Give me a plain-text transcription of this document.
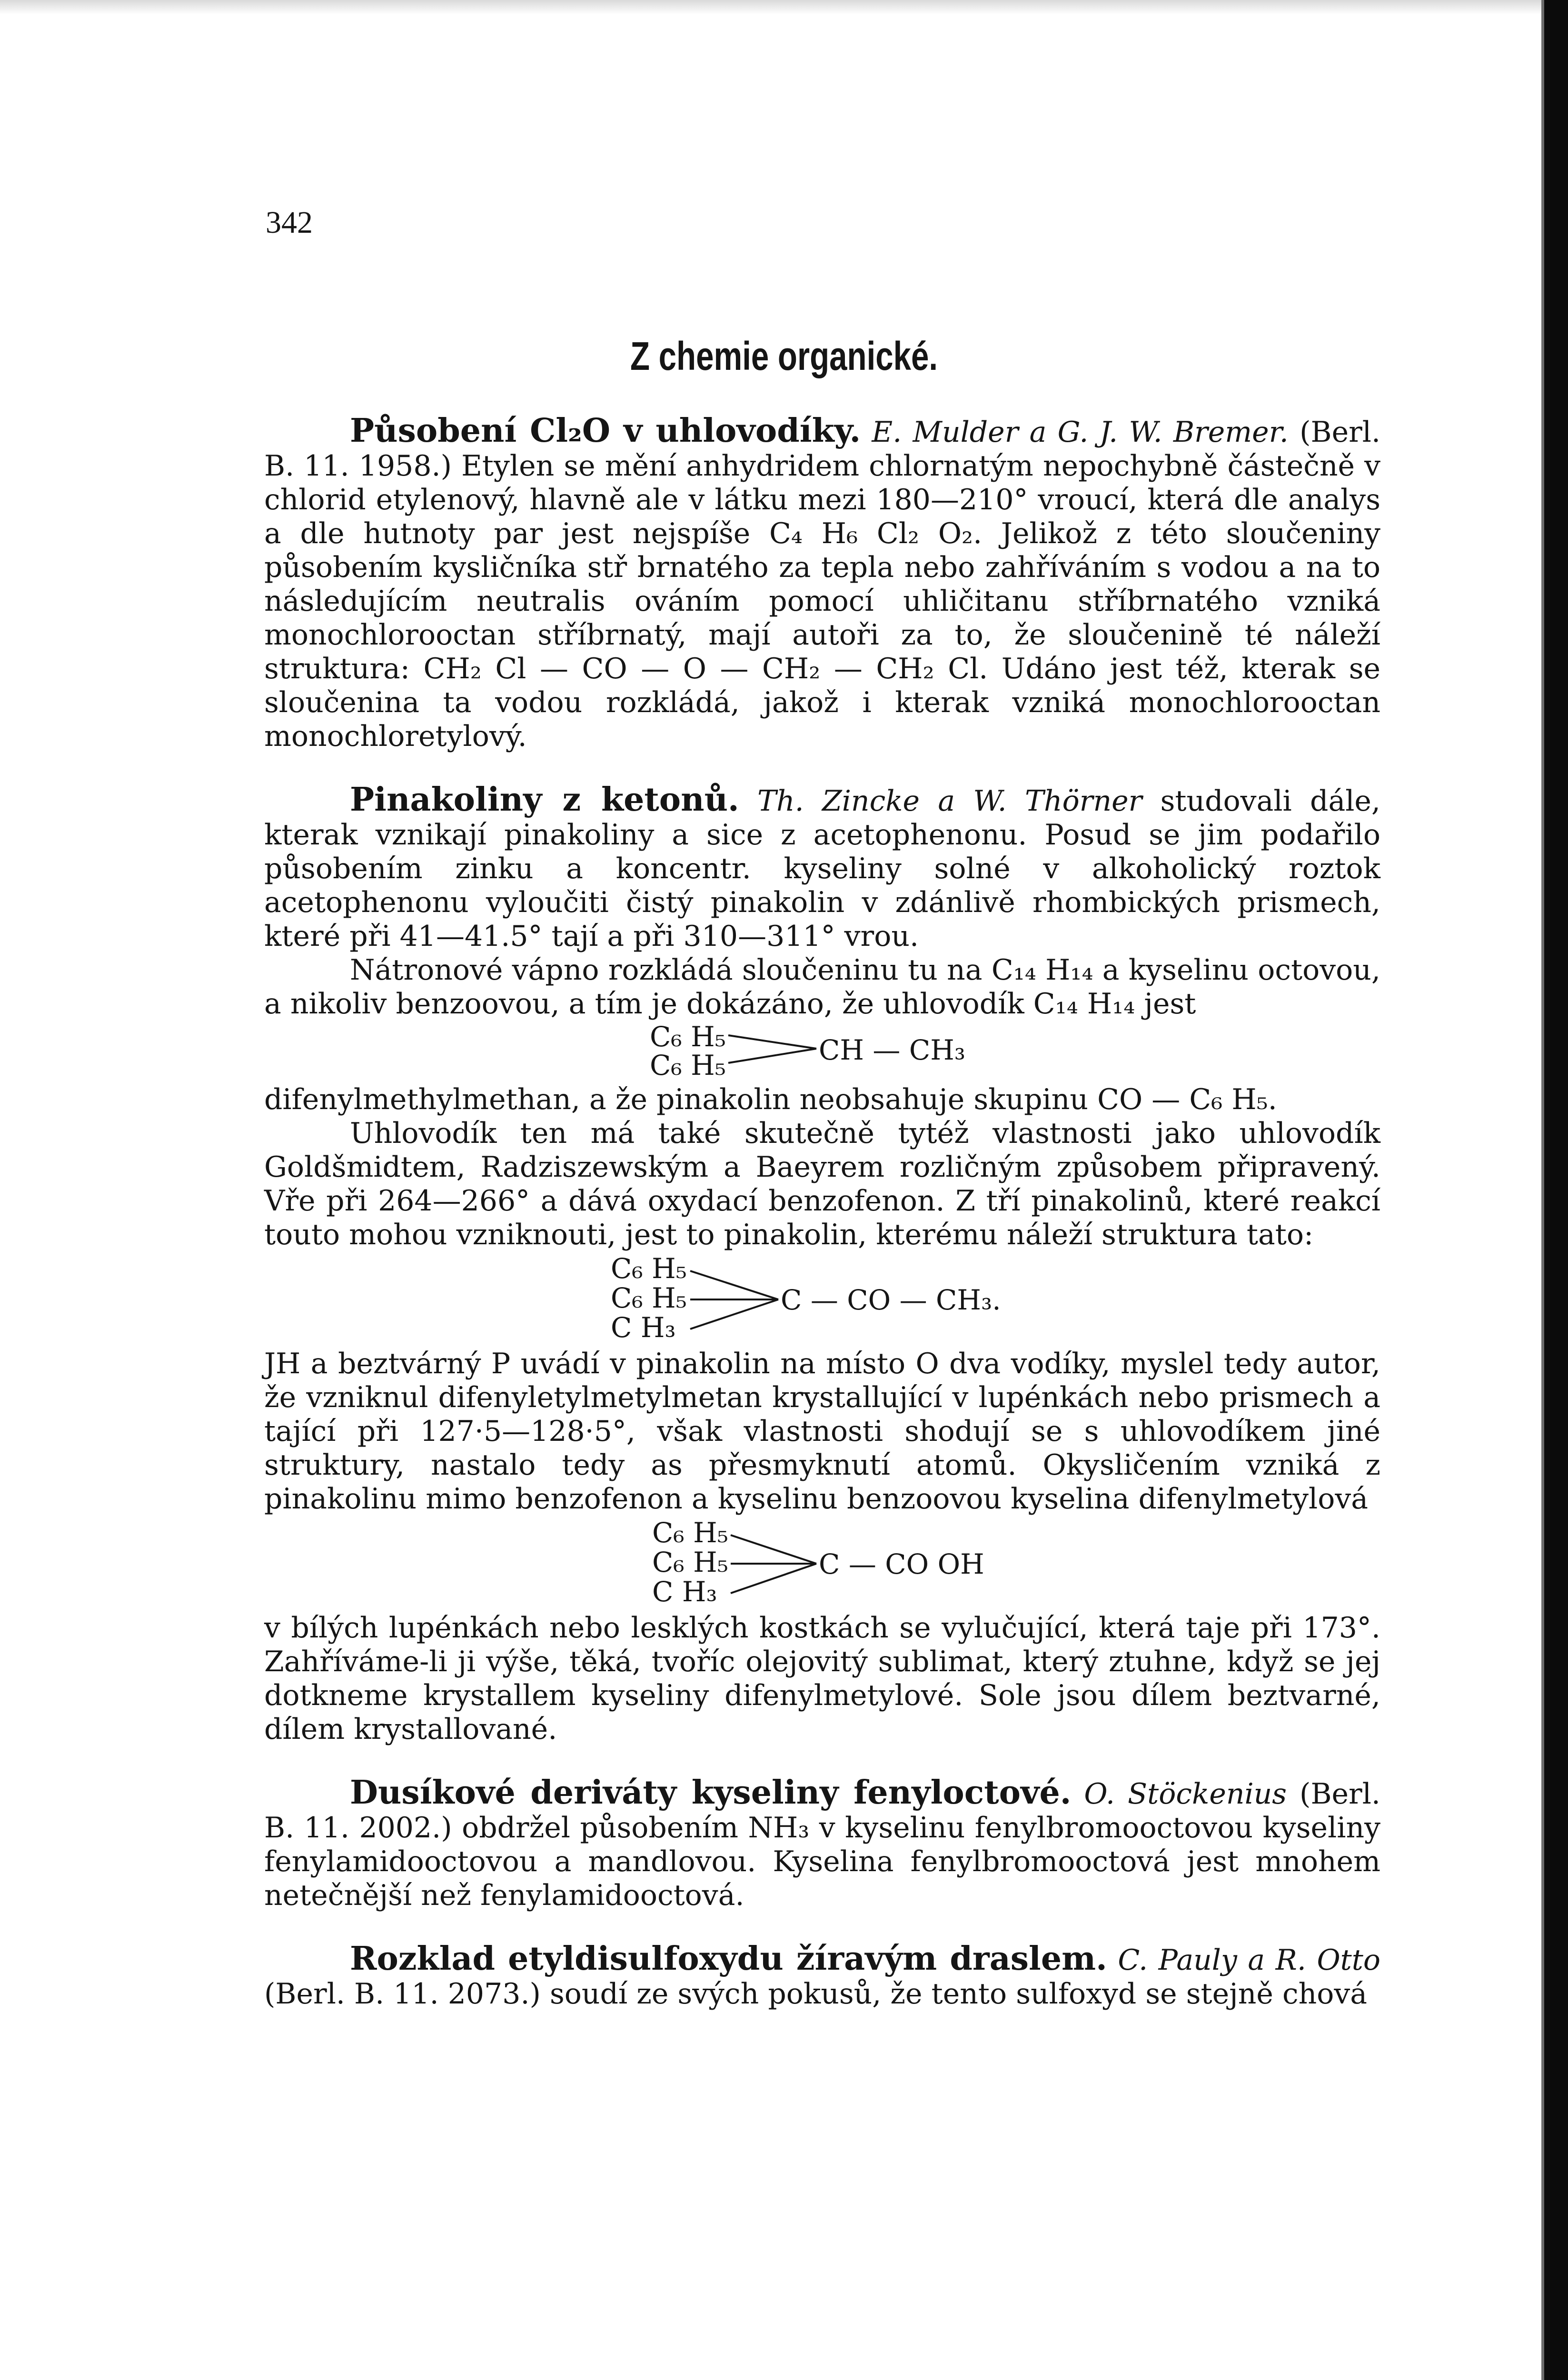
342
Z chemie organické.

Působení Cl₂O v uhlovodíky. E. Mulder a G. J. W. Bremer. (Berl. B. 11. 1958.) Etylen se mění anhydridem chlornatým nepochybně částečně v chlorid etylenový, hlavně ale v látku mezi 180—210° vroucí, která dle analys a dle hutnoty par jest nejspíše C₄ H₆ Cl₂ O₂. Jelikož z této sloučeniny působením kysličníka stř brnatého za tepla nebo zahříváním s vodou a na to následujícím neutralis ováním pomocí uhličitanu stříbrnatého vzniká monochlorooctan stříbrnatý, mají autoři za to, že sloučenině té náleží struktura: CH₂ Cl — CO — O — CH₂ — CH₂ Cl. Udáno jest též, kterak se sloučenina ta vodou rozkládá, jakož i kterak vzniká monochlorooctan monochloretylový.

Pinakoliny z ketonů. Th. Zincke a W. Thörner studovali dále, kterak vznikají pinakoliny a sice z acetophenonu. Posud se jim podařilo působením zinku a koncentr. kyseliny solné v alkoholický roztok acetophenonu vyloučiti čistý pinakolin v zdánlivě rhombických prismech, které při 41—41.5° tají a při 310—311° vrou.

Nátronové vápno rozkládá sloučeninu tu na C₁₄ H₁₄ a kyselinu octovou, a nikoliv benzoovou, a tím je dokázáno, že uhlovodík C₁₄ H₁₄ jest

C₆ H₅
C₆ H₅	CH — CH₃

difenylmethylmethan, a že pinakolin neobsahuje skupinu CO — C₆ H₅.

Uhlovodík ten má také skutečně tytéž vlastnosti jako uhlovodík Goldšmidtem, Radziszewským a Baeyrem rozličným způsobem připravený. Vře při 264—266° a dává oxydací benzofenon. Z tří pinakolinů, které reakcí touto mohou vzniknouti, jest to pinakolin, kterému náleží struktura tato:

C₆ H₅
C₆ H₅
C H₃
C — CO — CH₃.

JH a beztvárný P uvádí v pinakolin na místo O dva vodíky, myslel tedy autor, že vzniknul difenyletylmetylmetan krystallující v lupénkách nebo prismech a tající při 127·5—128·5°, však vlastnosti shodují se s uhlovodíkem jiné struktury, nastalo tedy as přesmyknutí atomů. Okysličením vzniká z pinakolinu mimo benzofenon a kyselinu benzoovou kyselina difenylmetylová

C₆ H₅
C₆ H₅
C H₃
C — CO OH

v bílých lupénkách nebo lesklých kostkách se vylučující, která taje při 173°. Zahříváme-li ji výše, těká, tvoříc olejovitý sublimat, který ztuhne, když se jej dotkneme krystallem kyseliny difenylmetylové. Sole jsou dílem beztvarné, dílem krystallované.

Dusíkové deriváty kyseliny fenyloctové. O. Stöckenius (Berl. B. 11. 2002.) obdržel působením NH₃ v kyselinu fenylbromooctovou kyseliny fenylamidooctovou a mandlovou. Kyselina fenylbromooctová jest mnohem netečnější než fenylamidooctová.

Rozklad etyldisulfoxydu žíravým draslem. C. Pauly a R. Otto (Berl. B. 11. 2073.) soudí ze svých pokusů, že tento sulfoxyd se stejně chová
